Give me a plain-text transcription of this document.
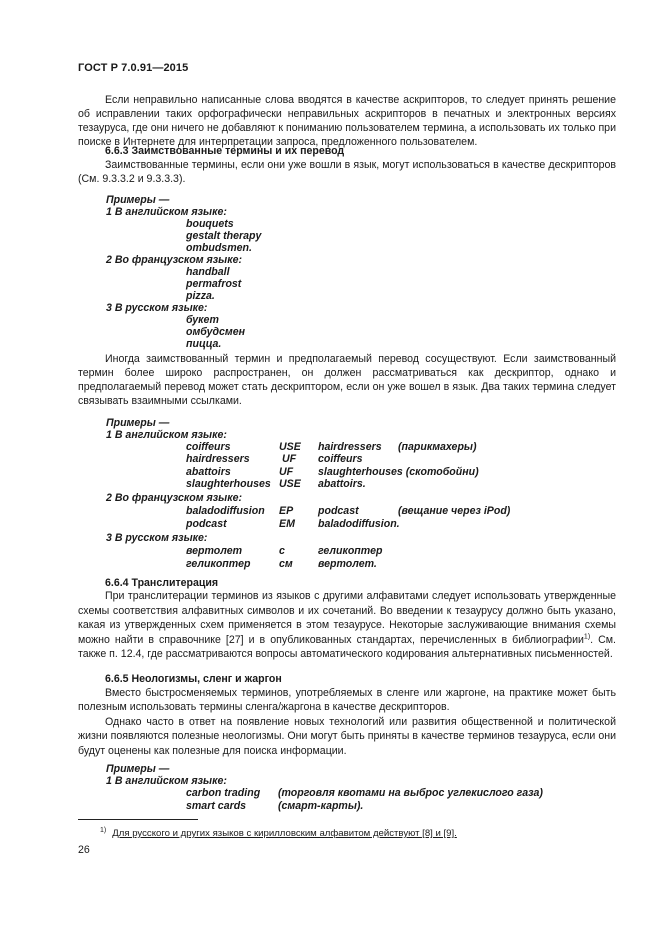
ГОСТ Р 7.0.91—2015
Если неправильно написанные слова вводятся в качестве аскрипторов, то следует принять решение об исправлении таких орфографически неправильных аскрипторов в печатных и электронных версиях тезауруса, где они ничего не добавляют к пониманию пользователем термина, а использовать их только при поиске в Интернете для интерпретации запроса, предложенного пользователем.
6.6.3 Заимствованные термины и их перевод
Заимствованные термины, если они уже вошли в язык, могут использоваться в качестве дескрипторов (См. 9.3.3.2 и 9.3.3.3).
Примеры —
1 В английском языке:
bouquets
gestalt therapy
ombudsmen.
2 Во французском языке:
handball
permafrost
pizza.
3 В русском языке:
букет
омбудсмен
пицца.
Иногда заимствованный термин и предполагаемый перевод сосуществуют. Если заимствованный термин более широко распространен, он должен рассматриваться как дескриптор, однако и предполагаемый перевод может стать дескриптором, если он уже вошел в язык. Два таких термина следует связывать взаимными ссылками.
Примеры —
1 В английском языке:
coiffeurs	USE hairdressers (парикмахеры)
hairdressers	UF coiffeurs
abattoirs	UF slaughterhouses (скотобойни)
slaughterhouses USE abattoirs.
2 Во французском языке:
baladodiffusion EP podcast	(вещание через iPod)
podcast	EM baladodiffusion.
3 В русском языке:
вертолет	с	геликоптер
геликоптер	см вертолет.
6.6.4 Транслитерация
При транслитерации терминов из языков с другими алфавитами следует использовать утвержденные схемы соответствия алфавитных символов и их сочетаний. Во введении к тезаурусу должно быть указано, какая из утвержденных схем применяется в этом тезаурусе. Некоторые заслуживающие внимания схемы можно найти в справочнике [27] и в опубликованных стандартах, перечисленных в библиографии$^{1)}$. См. также п. 12.4, где рассматриваются вопросы автоматического кодирования альтернативных письменностей.
6.6.5 Неологизмы, сленг и жаргон
Вместо быстросменяемых терминов, употребляемых в сленге или жаргоне, на практике может быть полезным использовать термины сленга/жаргона в качестве дескрипторов.
Однако часто в ответ на появление новых технологий или развития общественной и политической жизни появляются полезные неологизмы. Они могут быть приняты в качестве терминов тезауруса, если они будут оценены как полезные для поиска информации.
Примеры —
1 В английском языке:
carbon trading (торговля квотами на выброс углекислого газа)
smart cards	(смарт-карты).
$^{1)}$ Для русского и других языков с кирилловским алфавитом действуют [8] и [9].
26
